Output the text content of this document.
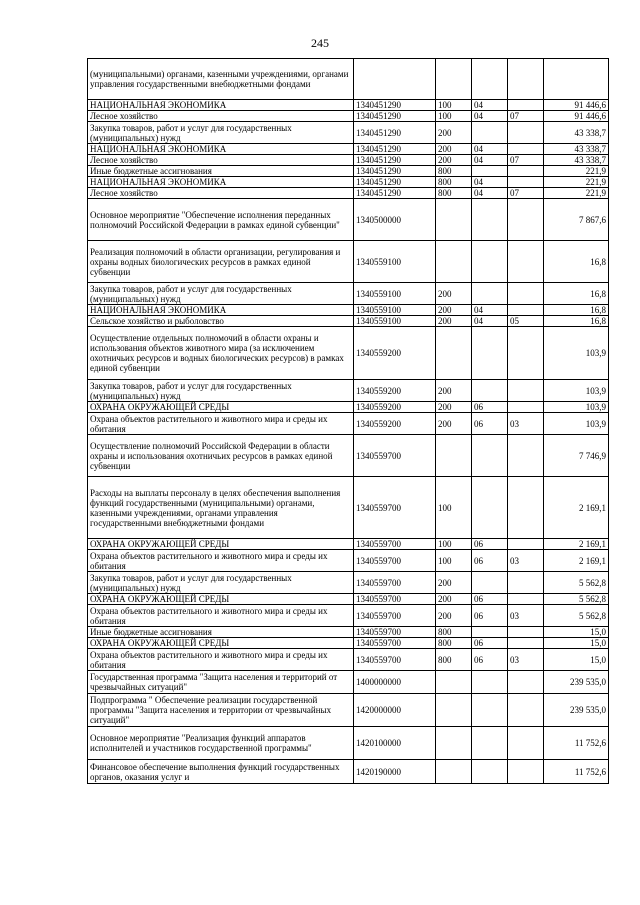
245
(муниципальными) органами, казенными учреждениями, органами управления государственными внебюджетными фондами					
НАЦИОНАЛЬНАЯ ЭКОНОМИКА	1340451290	100	04		91 446,6
Лесное хозяйство	1340451290	100	04	07	91 446,6
Закупка товаров, работ и услуг для государственных (муниципальных) нужд	1340451290	200			43 338,7
НАЦИОНАЛЬНАЯ ЭКОНОМИКА	1340451290	200	04		43 338,7
Лесное хозяйство	1340451290	200	04	07	43 338,7
Иные бюджетные ассигнования	1340451290	800			221,9
НАЦИОНАЛЬНАЯ ЭКОНОМИКА	1340451290	800	04		221,9
Лесное хозяйство	1340451290	800	04	07	221,9
Основное мероприятие "Обеспечение исполнения переданных полномочий Российской Федерации в рамках единой субвенции"	1340500000				7 867,6
Реализация полномочий в области организации, регулирования и охраны водных биологических ресурсов в рамках единой субвенции	1340559100				16,8
Закупка товаров, работ и услуг для государственных (муниципальных) нужд	1340559100	200			16,8
НАЦИОНАЛЬНАЯ ЭКОНОМИКА	1340559100	200	04		16,8
Сельское хозяйство и рыболовство	1340559100	200	04	05	16,8
Осуществление отдельных полномочий в области охраны и использования объектов животного мира (за исключением охотничьих ресурсов и водных биологических ресурсов) в рамках единой субвенции	1340559200				103,9
Закупка товаров, работ и услуг для государственных (муниципальных) нужд	1340559200	200			103,9
ОХРАНА ОКРУЖАЮЩЕЙ СРЕДЫ	1340559200	200	06		103,9
Охрана объектов растительного и животного мира и среды их обитания	1340559200	200	06	03	103,9
Осуществление полномочий Российской Федерации в области охраны и использования охотничьих ресурсов в рамках единой субвенции	1340559700				7 746,9
Расходы на выплаты персоналу в целях обеспечения выполнения функций государственными (муниципальными) органами, казенными учреждениями, органами управления государственными внебюджетными фондами	1340559700	100			2 169,1
ОХРАНА ОКРУЖАЮЩЕЙ СРЕДЫ	1340559700	100	06		2 169,1
Охрана объектов растительного и животного мира и среды их обитания	1340559700	100	06	03	2 169,1
Закупка товаров, работ и услуг для государственных (муниципальных) нужд	1340559700	200			5 562,8
ОХРАНА ОКРУЖАЮЩЕЙ СРЕДЫ	1340559700	200	06		5 562,8
Охрана объектов растительного и животного мира и среды их обитания	1340559700	200	06	03	5 562,8
Иные бюджетные ассигнования	1340559700	800			15,0
ОХРАНА ОКРУЖАЮЩЕЙ СРЕДЫ	1340559700	800	06		15,0
Охрана объектов растительного и животного мира и среды их обитания	1340559700	800	06	03	15,0
Государственная программа "Защита населения и территорий от чрезвычайных ситуаций"	1400000000				239 535,0
Подпрограмма " Обеспечение реализации государственной программы "Защита населения и территории от чрезвычайных ситуаций"	1420000000				239 535,0
Основное мероприятие "Реализация функций аппаратов исполнителей и участников государственной программы"	1420100000				11 752,6
Финансовое обеспечение выполнения функций государственных органов, оказания услуг и	1420190000				11 752,6
